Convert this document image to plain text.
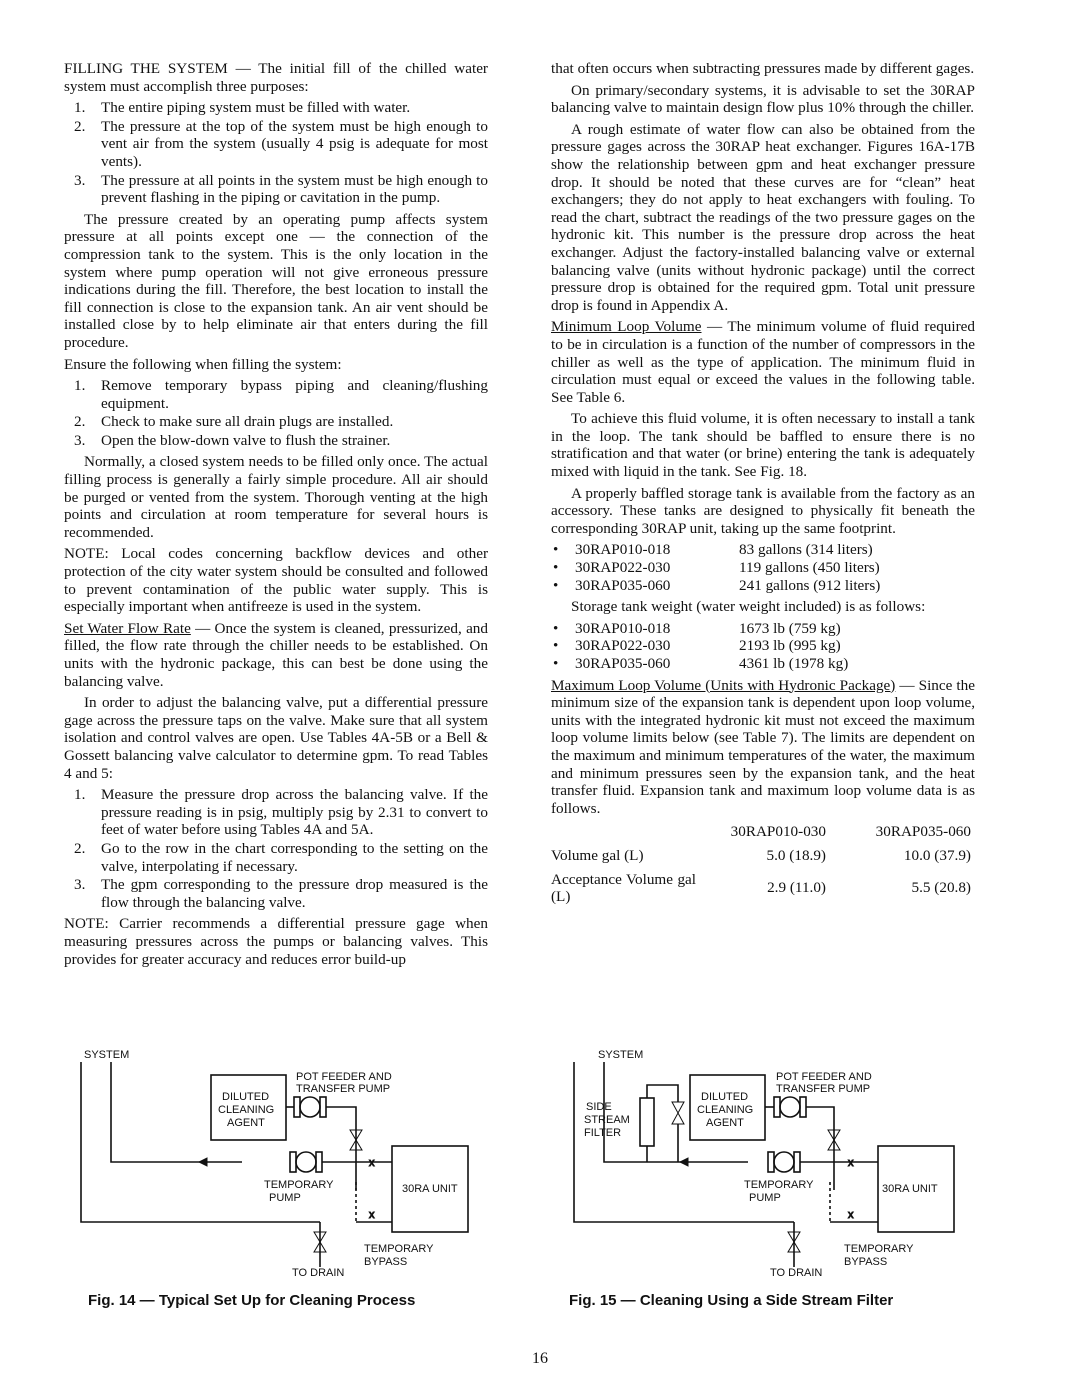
FILLING THE SYSTEM — The initial fill of the chilled water system must accomplish three purposes:

1. The entire piping system must be filled with water.
2. The pressure at the top of the system must be high enough to vent air from the system (usually 4 psig is adequate for most vents).
3. The pressure at all points in the system must be high enough to prevent flashing in the piping or cavitation in the pump.

The pressure created by an operating pump affects system pressure at all points except one — the connection of the compression tank to the system. This is the only location in the system where pump operation will not give erroneous pressure indications during the fill. Therefore, the best location to install the fill connection is close to the expansion tank. An air vent should be installed close by to help eliminate air that enters during the fill procedure.

Ensure the following when filling the system:

1. Remove temporary bypass piping and cleaning/flushing equipment.
2. Check to make sure all drain plugs are installed.
3. Open the blow-down valve to flush the strainer.

Normally, a closed system needs to be filled only once. The actual filling process is generally a fairly simple procedure. All air should be purged or vented from the system. Thorough venting at the high points and circulation at room temperature for several hours is recommended.

NOTE: Local codes concerning backflow devices and other protection of the city water system should be consulted and followed to prevent contamination of the public water supply. This is especially important when antifreeze is used in the system.

Set Water Flow Rate — Once the system is cleaned, pressurized, and filled, the flow rate through the chiller needs to be established. On units with the hydronic package, this can best be done using the balancing valve.

In order to adjust the balancing valve, put a differential pressure gage across the pressure taps on the valve. Make sure that all system isolation and control valves are open. Use Tables 4A-5B or a Bell & Gossett balancing valve calculator to determine gpm. To read Tables 4 and 5:

1. Measure the pressure drop across the balancing valve. If the pressure reading is in psig, multiply psig by 2.31 to convert to feet of water before using Tables 4A and 5A.
2. Go to the row in the chart corresponding to the setting on the valve, interpolating if necessary.
3. The gpm corresponding to the pressure drop measured is the flow through the balancing valve.

NOTE: Carrier recommends a differential pressure gage when measuring pressures across the pumps or balancing valves. This provides for greater accuracy and reduces error build-up

that often occurs when subtracting pressures made by different gages.

On primary/secondary systems, it is advisable to set the 30RAP balancing valve to maintain design flow plus 10% through the chiller.

A rough estimate of water flow can also be obtained from the pressure gages across the 30RAP heat exchanger. Figures 16A-17B show the relationship between gpm and heat exchanger pressure drop. It should be noted that these curves are for “clean” heat exchangers; they do not apply to heat exchangers with fouling. To read the chart, subtract the readings of the two pressure gages on the hydronic kit. This number is the pressure drop across the heat exchanger. Adjust the factory-installed balancing valve or external balancing valve (units without hydronic package) until the correct pressure drop is obtained for the required gpm. Total unit pressure drop is found in Appendix A.

Minimum Loop Volume — The minimum volume of fluid required to be in circulation is a function of the number of compressors in the chiller as well as the type of application. The minimum fluid in circulation must equal or exceed the values in the following table. See Table 6.

To achieve this fluid volume, it is often necessary to install a tank in the loop. The tank should be baffled to ensure there is no stratification and that water (or brine) entering the tank is adequately mixed with liquid in the tank. See Fig. 18.

A properly baffled storage tank is available from the factory as an accessory. These tanks are designed to physically fit beneath the corresponding 30RAP unit, taking up the same footprint.

• 30RAP010-018	83 gallons (314 liters)
• 30RAP022-030	119 gallons (450 liters)
• 30RAP035-060	241 gallons (912 liters)

Storage tank weight (water weight included) is as follows:

• 30RAP010-018	1673 lb (759 kg)
• 30RAP022-030	2193 lb (995 kg)
• 30RAP035-060	4361 lb (1978 kg)

Maximum Loop Volume (Units with Hydronic Package) — Since the minimum size of the expansion tank is dependent upon loop volume, units with the integrated hydronic kit must not exceed the maximum loop volume limits below (see Table 7). The limits are dependent on the maximum and minimum temperatures of the water, the maximum and minimum pressures seen by the expansion tank, and the heat transfer fluid. Expansion tank and maximum loop volume data is as follows.

	30RAP010-030	30RAP035-060
Volume gal (L)	5.0 (18.9)	10.0 (37.9)
Acceptance Volume gal (L)	2.9 (11.0)	5.5 (20.8)
x
x
SYSTEM
POT FEEDER AND
TRANSFER PUMP
DILUTED
CLEANING
AGENT
TEMPORARY
PUMP
30RA UNIT
TEMPORARY
BYPASS
TO DRAIN
Fig. 14 — Typical Set Up for Cleaning Process
x
x
SYSTEM
POT FEEDER AND
TRANSFER PUMP
DILUTED
CLEANING
AGENT
SIDE
STREAM
FILTER
TEMPORARY
PUMP
30RA UNIT
TEMPORARY
BYPASS
TO DRAIN
Fig. 15 — Cleaning Using a Side Stream Filter
16
